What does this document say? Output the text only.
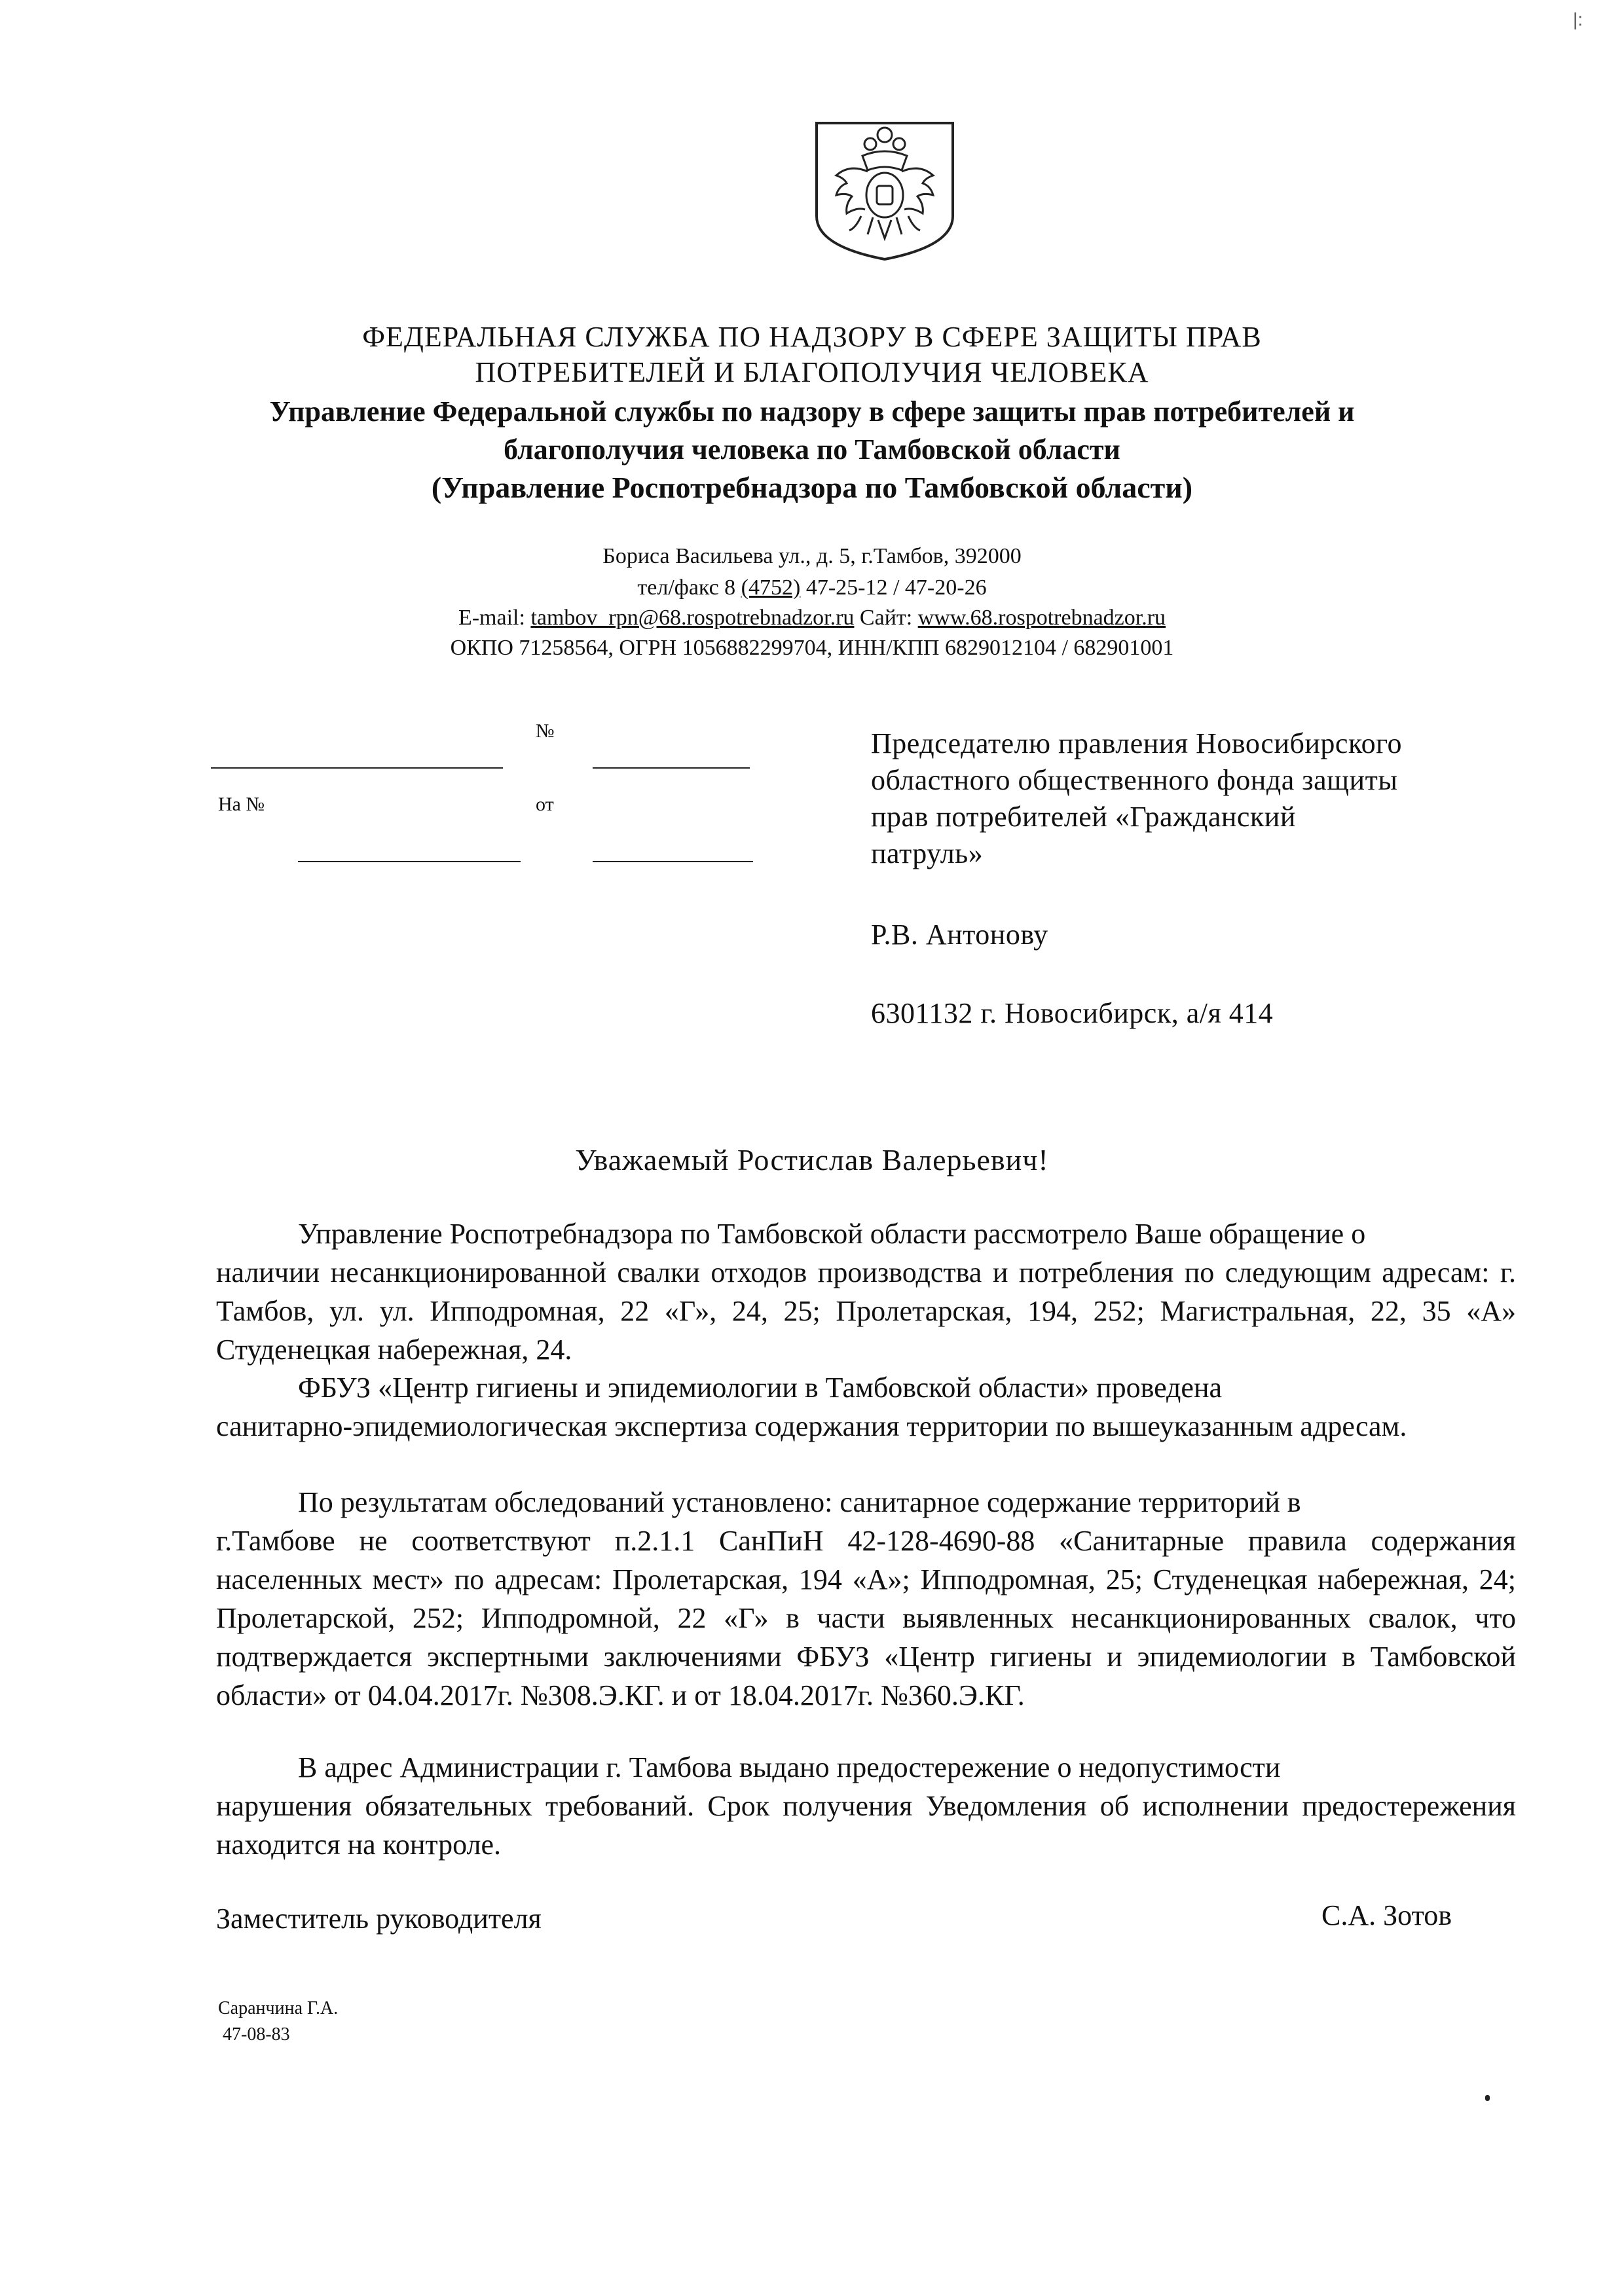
|:
ФЕДЕРАЛЬНАЯ СЛУЖБА ПО НАДЗОРУ В СФЕРЕ ЗАЩИТЫ ПРАВ
ПОТРЕБИТЕЛЕЙ И БЛАГОПОЛУЧИЯ ЧЕЛОВЕКА
Управление Федеральной службы по надзору в сфере защиты прав потребителей и
благополучия человека по Тамбовской области
(Управление Роспотребнадзора по Тамбовской области)
Бориса Васильева ул., д. 5, г.Тамбов, 392000
тел/факс 8 (4752) 47-25-12 / 47-20-26
E-mail: tambov_rpn@68.rospotrebnadzor.ru Сайт: www.68.rospotrebnadzor.ru
ОКПО 71258564, ОГРН 1056882299704, ИНН/КПП 6829012104 / 682901001
№
На №	от
Председателю правления Новосибирского
областного общественного фонда защиты
прав потребителей «Гражданский
патруль»
Р.В. Антонову
6301132 г. Новосибирск, а/я 414
Уважаемый Ростислав Валерьевич!
Управление Роспотребнадзора по Тамбовской области рассмотрело Ваше обращение о
наличии несанкционированной свалки отходов производства и потребления по следующим адресам: г. Тамбов, ул. ул. Ипподромная, 22 «Г», 24, 25; Пролетарская, 194, 252; Магистральная, 22, 35 «А» Студенецкая набережная, 24.
ФБУЗ «Центр гигиены и эпидемиологии в Тамбовской области» проведена
санитарно-эпидемиологическая экспертиза содержания территории по вышеуказанным адресам.
По результатам обследований установлено: санитарное содержание территорий в
г.Тамбове не соответствуют п.2.1.1 СанПиН 42-128-4690-88 «Санитарные правила содержания населенных мест» по адресам: Пролетарская, 194 «А»; Ипподромная, 25; Студенецкая набережная, 24; Пролетарской, 252; Ипподромной, 22 «Г» в части выявленных несанкционированных свалок, что подтверждается экспертными заключениями ФБУЗ «Центр гигиены и эпидемиологии в Тамбовской области» от 04.04.2017г. №308.Э.КГ. и от 18.04.2017г. №360.Э.КГ.
В адрес Администрации г. Тамбова выдано предостережение о недопустимости
нарушения обязательных требований. Срок получения Уведомления об исполнении предостережения находится на контроле.
Заместитель руководителя	С.А. Зотов
Саранчина Г.А.
47-08-83
